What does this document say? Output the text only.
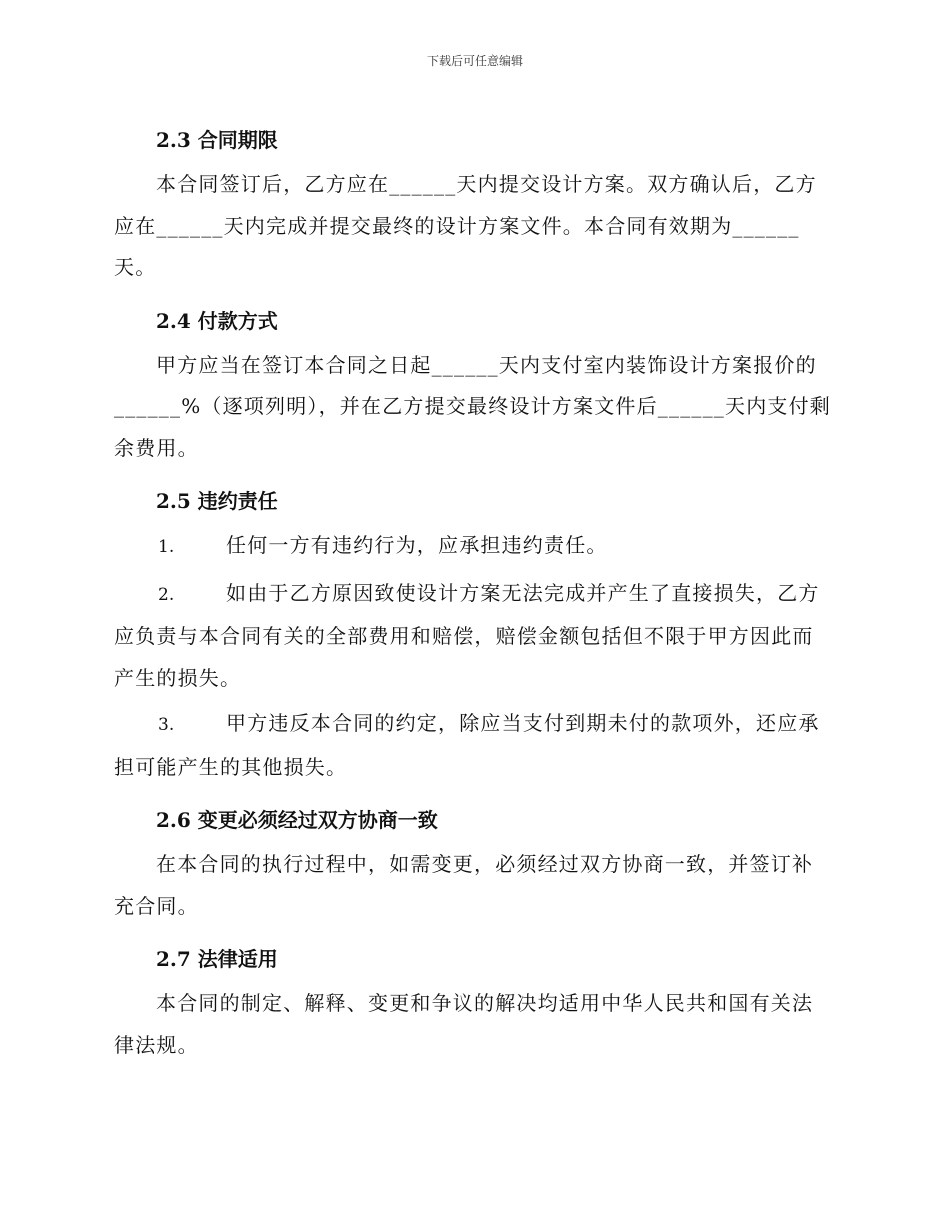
下载后可任意编辑
2.3 合同期限

本合同签订后，乙方应在______天内提交设计方案。双方确认后，乙方应在______天内完成并提交最终的设计方案文件。本合同有效期为______天。

2.4 付款方式

甲方应当在签订本合同之日起______天内支付室内装饰设计方案报价的______%（逐项列明），并在乙方提交最终设计方案文件后______天内支付剩余费用。

2.5 违约责任
1.	任何一方有违约行为，应承担违约责任。
2.	如由于乙方原因致使设计方案无法完成并产生了直接损失，乙方应负责与本合同有关的全部费用和赔偿，赔偿金额包括但不限于甲方因此而产生的损失。
3.	甲方违反本合同的约定，除应当支付到期未付的款项外，还应承担可能产生的其他损失。
2.6 变更必须经过双方协商一致

在本合同的执行过程中，如需变更，必须经过双方协商一致，并签订补充合同。

2.7 法律适用

本合同的制定、解释、变更和争议的解决均适用中华人民共和国有关法律法规。
